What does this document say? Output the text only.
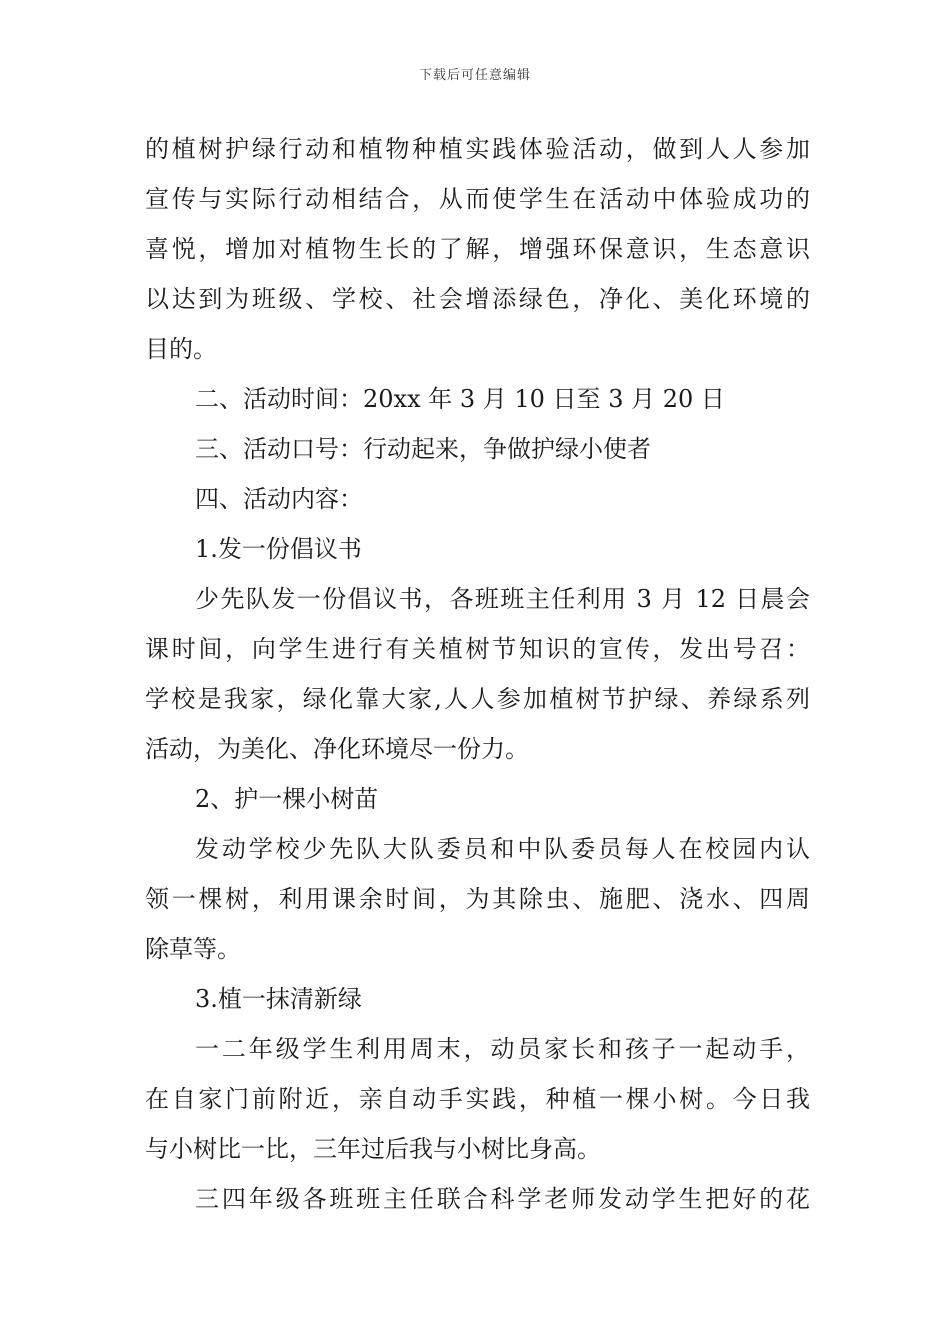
下载后可任意编辑
的植树护绿行动和植物种植实践体验活动，做到人人参加
宣传与实际行动相结合，从而使学生在活动中体验成功的
喜悦，增加对植物生长的了解，增强环保意识，生态意识
以达到为班级、学校、社会增添绿色，净化、美化环境的
目的。
二、活动时间：20xx 年 3 月 10 日至 3 月 20 日
三、活动口号：行动起来，争做护绿小使者
四、活动内容：
1.发一份倡议书
少先队发一份倡议书，各班班主任利用 3 月 12 日晨会
课时间，向学生进行有关植树节知识的宣传，发出号召：
学校是我家，绿化靠大家,人人参加植树节护绿、养绿系列
活动，为美化、净化环境尽一份力。
2、护一棵小树苗
发动学校少先队大队委员和中队委员每人在校园内认
领一棵树，利用课余时间，为其除虫、施肥、浇水、四周
除草等。
3.植一抹清新绿
一二年级学生利用周末，动员家长和孩子一起动手，
在自家门前附近，亲自动手实践，种植一棵小树。今日我
与小树比一比，三年过后我与小树比身高。
三四年级各班班主任联合科学老师发动学生把好的花
